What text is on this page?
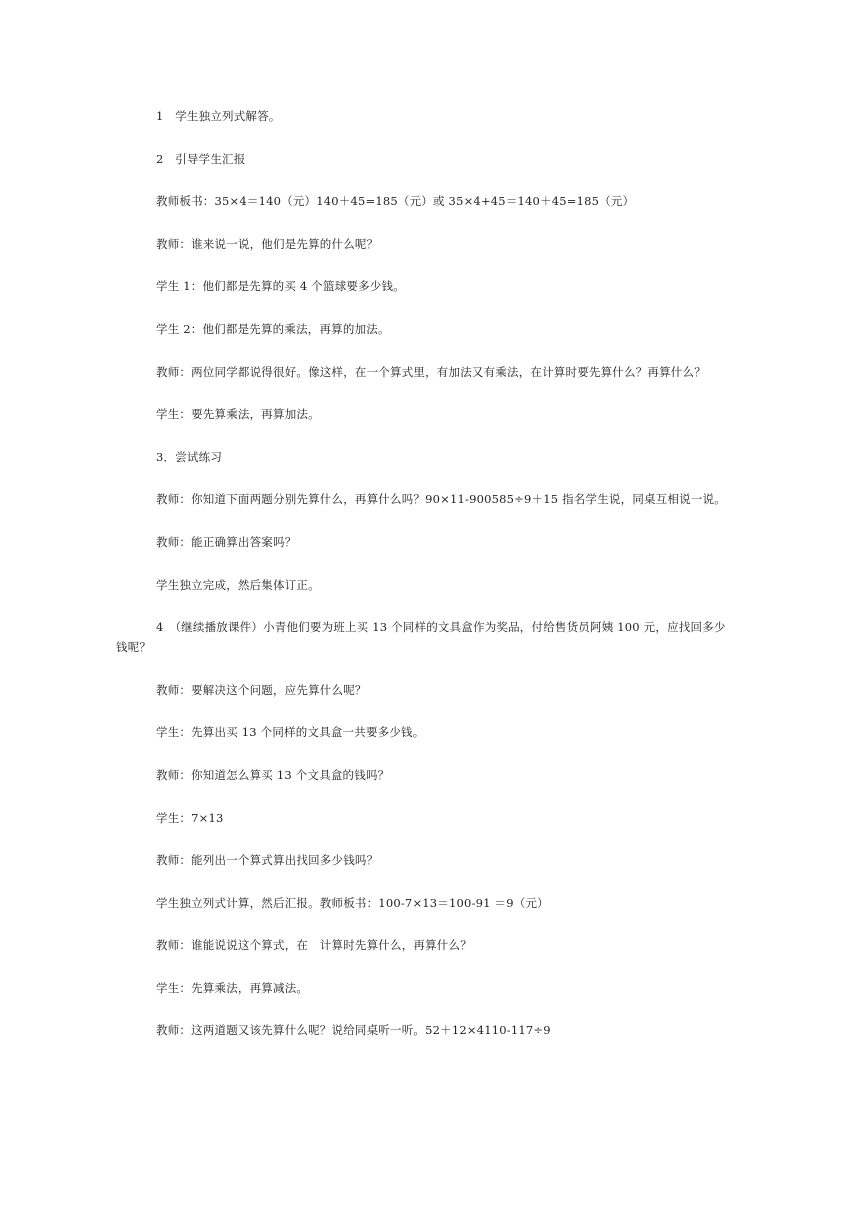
1　学生独立列式解答。

2　引导学生汇报

教师板书：35×4＝140（元）140＋45=185（元）或 35×4+45＝140＋45=185（元）

教师：谁来说一说，他们是先算的什么呢？

学生 1：他们都是先算的买 4 个篮球要多少钱。

学生 2：他们都是先算的乘法，再算的加法。

教师：两位同学都说得很好。像这样，在一个算式里，有加法又有乘法，在计算时要先算什么？再算什么？

学生：要先算乘法，再算加法。

3．尝试练习

教师：你知道下面两题分别先算什么，再算什么吗？90×11-900585÷9＋15 指名学生说，同桌互相说一说。

教师：能正确算出答案吗？

学生独立完成，然后集体订正。

4　（继续播放课件）小青他们要为班上买 13 个同样的文具盒作为奖品，付给售货员阿姨 100 元，应找回多少钱呢？

教师：要解决这个问题，应先算什么呢？

学生：先算出买 13 个同样的文具盒一共要多少钱。

教师：你知道怎么算买 13 个文具盒的钱吗？

学生：7×13

教师：能列出一个算式算出找回多少钱吗？

学生独立列式计算，然后汇报。教师板书：100-7×13＝100-91 ＝9（元）

教师：谁能说说这个算式，在　计算时先算什么，再算什么？

学生：先算乘法，再算减法。

教师：这两道题又该先算什么呢？说给同桌听一听。52＋12×4110-117÷9
